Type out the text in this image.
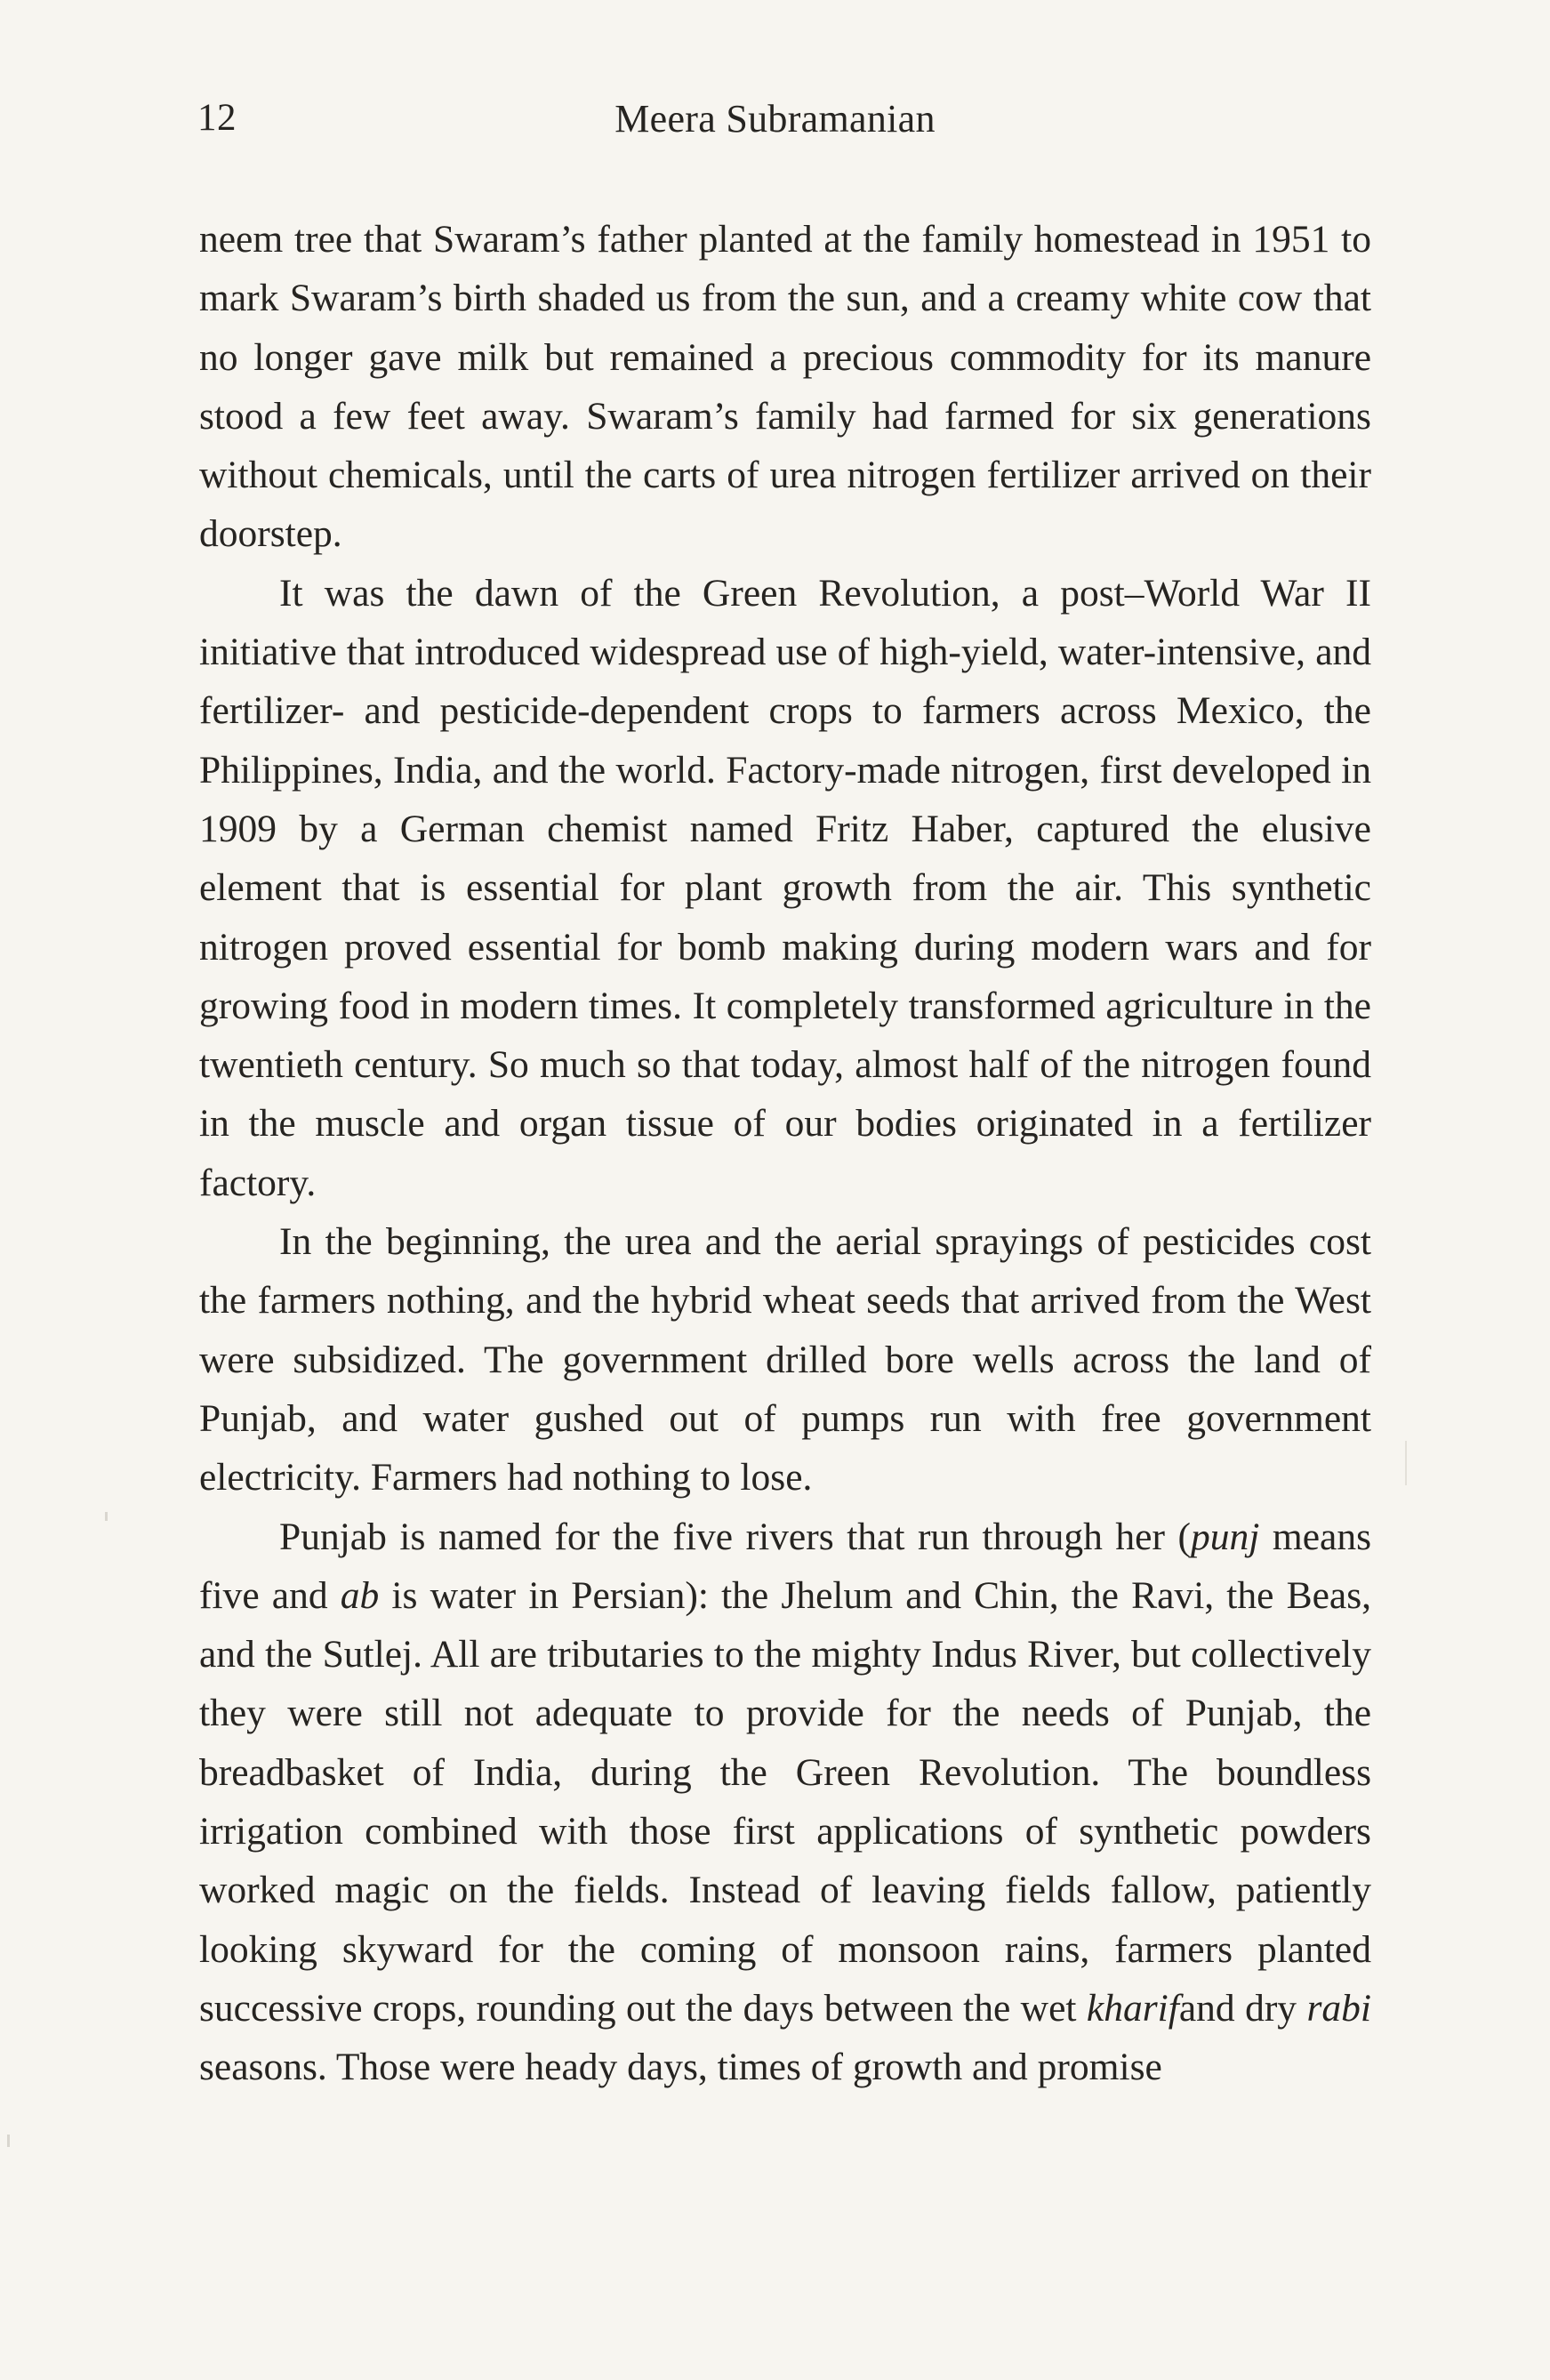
12	Meera Subramanian

neem tree that Swaram’s father planted at the family homestead in 1951 to mark Swaram’s birth shaded us from the sun, and a creamy white cow that no longer gave milk but remained a precious commodity for its manure stood a few feet away. Swaram’s family had farmed for six generations without chemicals, until the carts of urea nitrogen fertilizer arrived on their doorstep.

It was the dawn of the Green Revolution, a post–World War II initiative that introduced widespread use of high-yield, water-intensive, and fertilizer- and pesticide-dependent crops to farmers across Mexico, the Philippines, India, and the world. Factory-made nitrogen, first developed in 1909 by a German chemist named Fritz Haber, captured the elusive element that is essential for plant growth from the air. This synthetic nitrogen proved essential for bomb making during modern wars and for growing food in modern times. It completely transformed agriculture in the twentieth century. So much so that today, almost half of the nitrogen found in the muscle and organ tissue of our bodies originated in a fertilizer factory.

In the beginning, the urea and the aerial sprayings of pesticides cost the farmers nothing, and the hybrid wheat seeds that arrived from the West were subsidized. The government drilled bore wells across the land of Punjab, and water gushed out of pumps run with free government electricity. Farmers had nothing to lose.

Punjab is named for the five rivers that run through her (punj means five and ab is water in Persian): the Jhelum and Chin, the Ravi, the Beas, and the Sutlej. All are tributaries to the mighty Indus River, but collectively they were still not adequate to provide for the needs of Punjab, the breadbasket of India, during the Green Revolution. The boundless irrigation combined with those first applications of synthetic powders worked magic on the fields. Instead of leaving fields fallow, patiently looking skyward for the coming of monsoon rains, farmers planted successive crops, rounding out the days between the wet kharifand dry rabi seasons. Those were heady days, times of growth and promise
